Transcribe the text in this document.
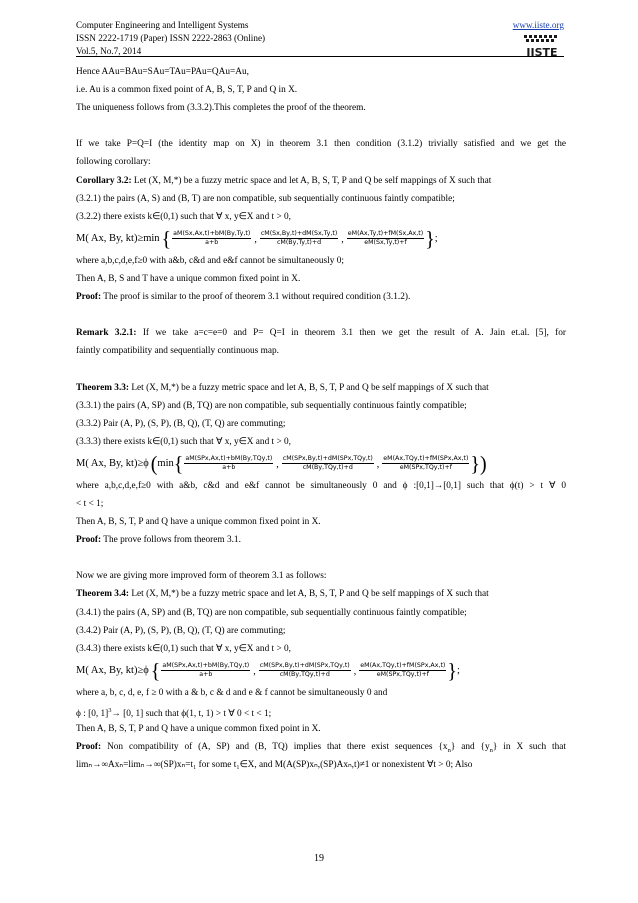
Computer Engineering and Intelligent Systems
ISSN 2222-1719 (Paper) ISSN 2222-2863 (Online)
Vol.5, No.7, 2014
www.iiste.org
IISTE
Hence AAu=BAu=SAu=TAu=PAu=QAu=Au,
i.e. Au is a common fixed point of A, B, S, T, P and Q in X.
The uniqueness follows from (3.3.2).This completes the proof of the theorem.
If we take P=Q=I (the identity map on X) in theorem 3.1 then condition (3.1.2) trivially satisfied and we get the
following corollary:
Corollary 3.2: Let (X, M,*) be a fuzzy metric space and let A, B, S, T, P and Q be self mappings of X such that
(3.2.1) the pairs (A, S) and (B, T) are non compatible, sub sequentially continuous faintly compatible;
(3.2.2) there exists k∈(0,1) such that ∀ x, y∈X and t > 0,
M( Ax, By, kt)≥min { $\frac{aM(Sx,Ax,t)+bM(By,Ty,t)}{a+b}$ , $\frac{cM(Sx,By,t)+dM(Sx,Ty,t)}{cM(By,Ty,t)+d}$ , $\frac{eM(Ax,Ty,t)+fM(Sx,Ax,t)}{eM(Sx,Ty,t)+f}$ } ;
where a,b,c,d,e,f≥0 with a&b, c&d and e&f cannot be simultaneously 0;
Then A, B, S and T have a unique common fixed point in X.
Proof: The proof is similar to the proof of theorem 3.1 without required condition (3.1.2).
Remark 3.2.1: If we take a=c=e=0 and P= Q=I in theorem 3.1 then we get the result of A. Jain et.al. [5], for
faintly compatibility and sequentially continuous map.
Theorem 3.3: Let (X, M,*) be a fuzzy metric space and let A, B, S, T, P and Q be self mappings of X such that
(3.3.1) the pairs (A, SP) and (B, TQ) are non compatible, sub sequentially continuous faintly compatible;
(3.3.2) Pair (A, P), (S, P), (B, Q), (T, Q) are commuting;
(3.3.3) there exists k∈(0,1) such that ∀ x, y∈X and t > 0,
M( Ax, By, kt)≥ϕ ( min { $\frac{\text{aM(SPx,Ax,t)+bM(By,TQy,t)}}{a+b}$ , $\frac{\text{cM(SPx,By,t)+dM(SPx,TQy,t)}}{\text{cM(By,TQy,t)+d}}$ , $\frac{\text{eM(Ax,TQy,t)+fM(SPx,Ax,t)}}{\text{eM(SPx,TQy,t)+f}}$ })
where a,b,c,d,e,f≥0 with a&b, c&d and e&f cannot be simultaneously 0 and ϕ :[0,1]→[0,1] such that ϕ(t) > t ∀ 0
< t < 1;
Then A, B, S, T, P and Q have a unique common fixed point in X.
Proof: The prove follows from theorem 3.1.
Now we are giving more improved form of theorem 3.1 as follows:
Theorem 3.4: Let (X, M,*) be a fuzzy metric space and let A, B, S, T, P and Q be self mappings of X such that
(3.4.1) the pairs (A, SP) and (B, TQ) are non compatible, sub sequentially continuous faintly compatible;
(3.4.2) Pair (A, P), (S, P), (B, Q), (T, Q) are commuting;
(3.4.3) there exists k∈(0,1) such that ∀ x, y∈X and t > 0,
M( Ax, By, kt)≥ϕ { $\frac{\text{aM(SPx,Ax,t)+bM(By,TQy,t)}}{a+b}$ , $\frac{\text{cM(SPx,By,t)+dM(SPx,TQy,t)}}{\text{cM(By,TQy,t)+d}}$ , $\frac{\text{eM(Ax,TQy,t)+fM(SPx,Ax,t)}}{\text{eM(SPx,TQy,t)+f}}$ } ;
where a, b, c, d, e, f ≥ 0 with a & b, c & d and e & f cannot be simultaneously 0 and
ϕ : [0, 1]$^3$→ [0, 1] such that ϕ(1, t, 1) > t ∀ 0 < t < 1;
Then A, B, S, T, P and Q have a unique common fixed point in X.
Proof: Non compatibility of (A, SP) and (B, TQ) implies that there exist sequences $\{x_n\}$ and $\{y_n\}$ in X such that
limₙ→∞Axₙ=limₙ→∞(SP)xₙ=t₁ for some t₁∈X, and M(A(SP)xₙ,(SP)Axₙ,t)≠1 or nonexistent ∀t > 0; Also
19
